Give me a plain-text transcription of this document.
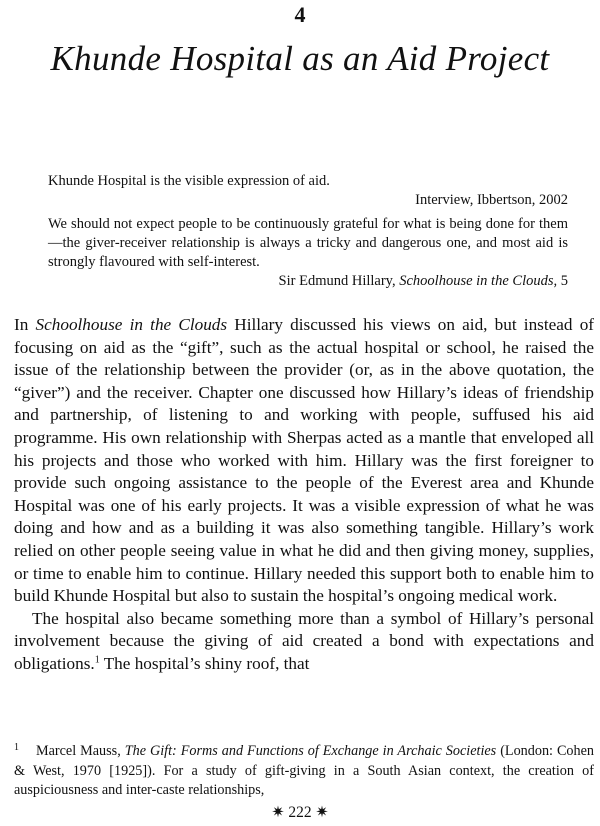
4
Khunde Hospital as an Aid Project
Khunde Hospital is the visible expression of aid.
Interview, Ibbertson, 2002
We should not expect people to be continuously grateful for what is being done for them—the giver-receiver relationship is always a tricky and dangerous one, and most aid is strongly flavoured with self-interest.
Sir Edmund Hillary, Schoolhouse in the Clouds, 5

In Schoolhouse in the Clouds Hillary discussed his views on aid, but instead of focusing on aid as the “gift”, such as the actual hospital or school, he raised the issue of the relationship between the provider (or, as in the above quotation, the “giver”) and the receiver. Chapter one discussed how Hillary’s ideas of friendship and partnership, of listening to and working with people, suffused his aid programme. His own relationship with Sherpas acted as a mantle that enveloped all his projects and those who worked with him. Hillary was the first foreigner to provide such ongoing assistance to the people of the Everest area and Khunde Hospital was one of his early projects. It was a visible expression of what he was doing and how and as a building it was also something tangible. Hillary’s work relied on other people seeing value in what he did and then giving money, supplies, or time to enable him to continue. Hillary needed this support both to enable him to build Khunde Hospital but also to sustain the hospital’s ongoing medical work.

The hospital also became something more than a symbol of Hillary’s personal involvement because the giving of aid created a bond with expectations and obligations.$^1$ The hospital’s shiny roof, that

1 Marcel Mauss, The Gift: Forms and Functions of Exchange in Archaic Societies (London: Cohen & West, 1970 [1925]). For a study of gift-giving in a South Asian context, the creation of auspiciousness and inter-caste relationships,
✷ 222 ✷
